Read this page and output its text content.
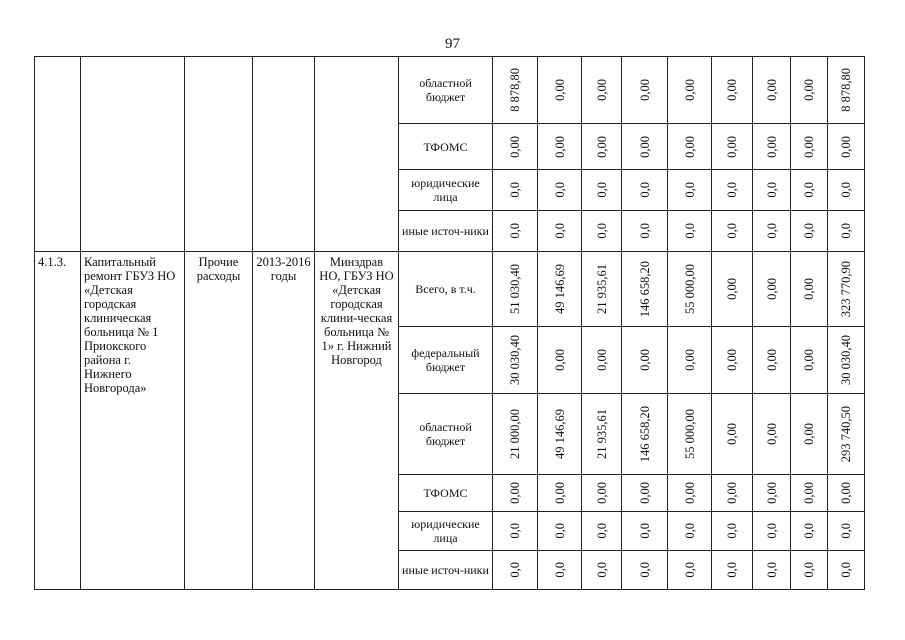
97
					областной бюджет	8 878,80	0,00	0,00	0,00	0,00	0,00	0,00	0,00	8 878,80

					ТФОМС	0,00	0,00	0,00	0,00	0,00	0,00	0,00	0,00	0,00

					юридические лица	0,0	0,0	0,0	0,0	0,0	0,0	0,0	0,0	0,0

					иные источ-ники	0,0	0,0	0,0	0,0	0,0	0,0	0,0	0,0	0,0

4.1.3.	Капитальный ремонт ГБУЗ НО «Детская городская клиническая больница № 1 Приокского района г. Нижнего Новгорода»	Прочие расходы	2013-2016 годы	Минздрав НО, ГБУЗ НО «Детская городская клини-ческая больница № 1» г. Нижний Новгород	Всего, в т.ч.	51 030,40	49 146,69	21 935,61	146 658,20	55 000,00	0,00	0,00	0,00	323 770,90

					федеральный бюджет	30 030,40	0,00	0,00	0,00	0,00	0,00	0,00	0,00	30 030,40

					областной бюджет	21 000,00	49 146,69	21 935,61	146 658,20	55 000,00	0,00	0,00	0,00	293 740,50

					ТФОМС	0,00	0,00	0,00	0,00	0,00	0,00	0,00	0,00	0,00

					юридические лица	0,0	0,0	0,0	0,0	0,0	0,0	0,0	0,0	0,0

					иные источ-ники	0,0	0,0	0,0	0,0	0,0	0,0	0,0	0,0	0,0
